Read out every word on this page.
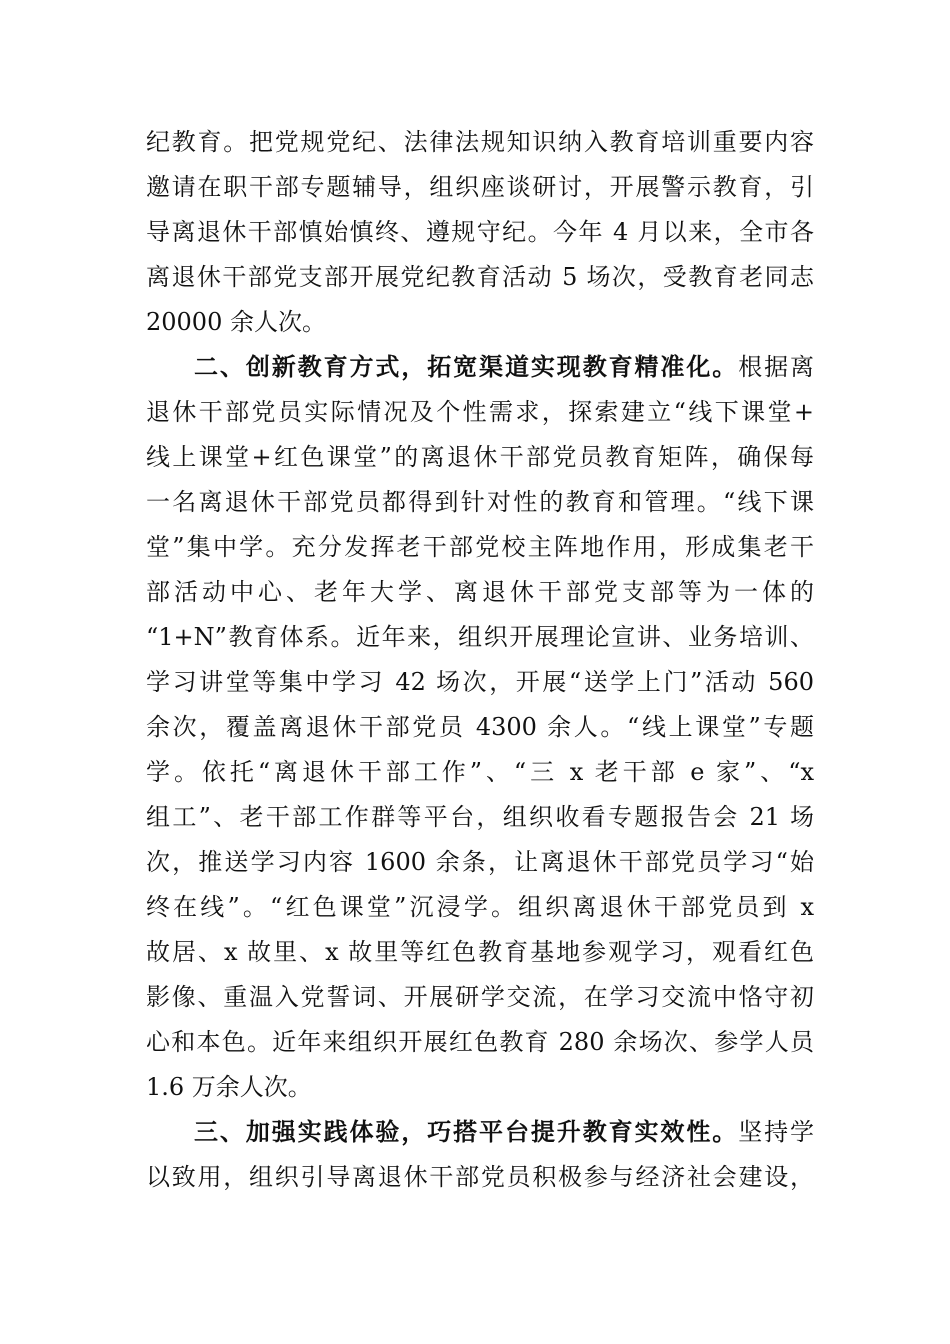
纪教育。把党规党纪、法律法规知识纳入教育培训重要内容
邀请在职干部专题辅导，组织座谈研讨，开展警示教育，引
导离退休干部慎始慎终、遵规守纪。今年 4 月以来，全市各
离退休干部党支部开展党纪教育活动 5 场次，受教育老同志
20000 余人次。
二、创新教育方式，拓宽渠道实现教育精准化。根据离
退休干部党员实际情况及个性需求，探索建立“线下课堂+
线上课堂+红色课堂”的离退休干部党员教育矩阵，确保每
一名离退休干部党员都得到针对性的教育和管理。“线下课
堂”集中学。充分发挥老干部党校主阵地作用，形成集老干
部活动中心、老年大学、离退休干部党支部等为一体的
“1+N”教育体系。近年来，组织开展理论宣讲、业务培训、
学习讲堂等集中学习 42 场次，开展“送学上门”活动 560
余次，覆盖离退休干部党员 4300 余人。“线上课堂”专题
学。依托“离退休干部工作”、“三 x 老干部 e 家”、“x
组工”、老干部工作群等平台，组织收看专题报告会 21 场
次，推送学习内容 1600 余条，让离退休干部党员学习“始
终在线”。“红色课堂”沉浸学。组织离退休干部党员到 x
故居、x 故里、x 故里等红色教育基地参观学习，观看红色
影像、重温入党誓词、开展研学交流，在学习交流中恪守初
心和本色。近年来组织开展红色教育 280 余场次、参学人员
1.6 万余人次。
三、加强实践体验，巧搭平台提升教育实效性。坚持学
以致用，组织引导离退休干部党员积极参与经济社会建设，
